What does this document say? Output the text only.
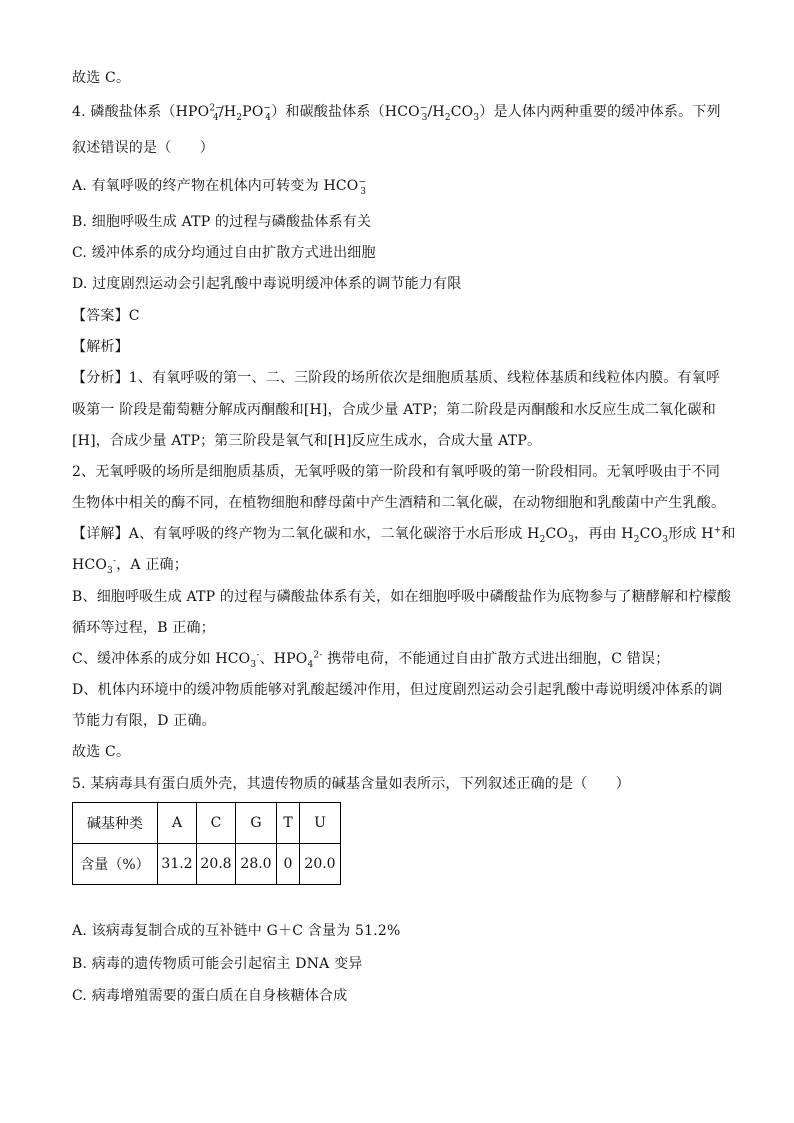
故选 C。
4. 磷酸盐体系$(HPO^{2-}_4/H_2PO^-_4)$和碳酸盐体系$(HCO^-_3/H_2CO_3)$是人体内两种重要的缓冲体系。下列
叙述错误的是（　　）
A. 有氧呼吸的终产物在机体内可转变为 $HCO^-_3$
B. 细胞呼吸生成 ATP 的过程与磷酸盐体系有关
C. 缓冲体系的成分均通过自由扩散方式进出细胞
D. 过度剧烈运动会引起乳酸中毒说明缓冲体系的调节能力有限
【答案】C
【解析】
【分析】1、有氧呼吸的第一、二、三阶段的场所依次是细胞质基质、线粒体基质和线粒体内膜。有氧呼
吸第一 阶段是葡萄糖分解成丙酮酸和[H]，合成少量 ATP；第二阶段是丙酮酸和水反应生成二氧化碳和
[H]，合成少量 ATP；第三阶段是氧气和[H]反应生成水，合成大量 ATP。
2、无氧呼吸的场所是细胞质基质，无氧呼吸的第一阶段和有氧呼吸的第一阶段相同。无氧呼吸由于不同
生物体中相关的酶不同，在植物细胞和酵母菌中产生酒精和二氧化碳，在动物细胞和乳酸菌中产生乳酸。
【详解】A、有氧呼吸的终产物为二氧化碳和水，二氧化碳溶于水后形成 $H_2CO_3$，再由 $H_2CO_3$形成 H+和
$HCO_3^-$，A 正确；
B、细胞呼吸生成 ATP 的过程与磷酸盐体系有关，如在细胞呼吸中磷酸盐作为底物参与了糖酵解和柠檬酸
循环等过程，B 正确；
C、缓冲体系的成分如 $HCO_3^-$、$HPO_4^{2-}$ 携带电荷，不能通过自由扩散方式进出细胞，C 错误；
D、机体内环境中的缓冲物质能够对乳酸起缓冲作用，但过度剧烈运动会引起乳酸中毒说明缓冲体系的调
节能力有限，D 正确。
故选 C。
5. 某病毒具有蛋白质外壳，其遗传物质的碱基含量如表所示，下列叙述正确的是（　　）
碱基种类	A	C	G	T	U
含量（%）	31.2	20.8	28.0	0	20.0
A. 该病毒复制合成的互补链中 G＋C 含量为 51.2%
B. 病毒的遗传物质可能会引起宿主 DNA 变异
C. 病毒增殖需要的蛋白质在自身核糖体合成
